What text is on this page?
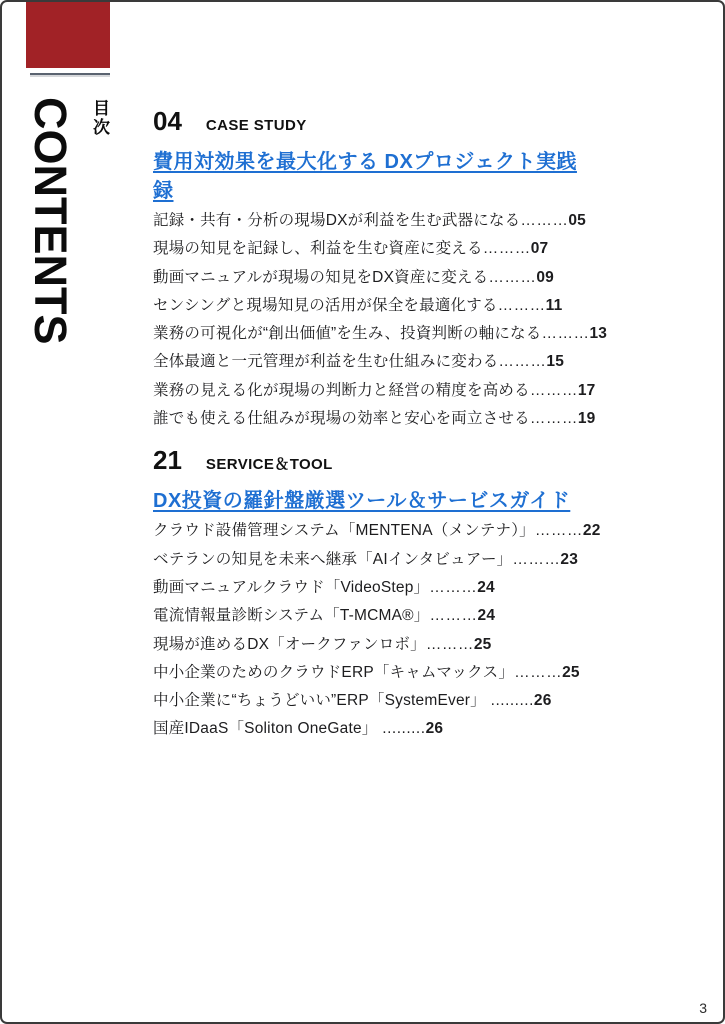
CONTENTS 目次 04 CASE STUDY
費用対効果を最大化する DXプロジェクト実践録
記録・共有・分析の現場DXが利益を生む武器になる………05
現場の知見を記録し、利益を生む資産に変える………07
動画マニュアルが現場の知見をDX資産に変える………09
センシングと現場知見の活用が保全を最適化する………11
業務の可視化が“創出価値”を生み、投資判断の軸になる………13
全体最適と一元管理が利益を生む仕組みに変わる………15
業務の見える化が現場の判断力と経営の精度を高める………17
誰でも使える仕組みが現場の効率と安心を両立させる………19
21 SERVICE＆TOOL
DX投資の羅針盤厳選ツール＆サービスガイド
クラウド設備管理システム「MENTENA（メンテナ）」………22
ベテランの知見を未来へ継承「AIインタビュアー」………23
動画マニュアルクラウド「VideoStep」………24
電流情報量診断システム「T-MCMA®」………24
現場が進めるDX「オークファンロボ」………25
中小企業のためのクラウドERP「キャムマックス」………25
中小企業に“ちょうどいい”ERP「SystemEver」 .........26
国産IDaaS「Soliton OneGate」 .........26
3
